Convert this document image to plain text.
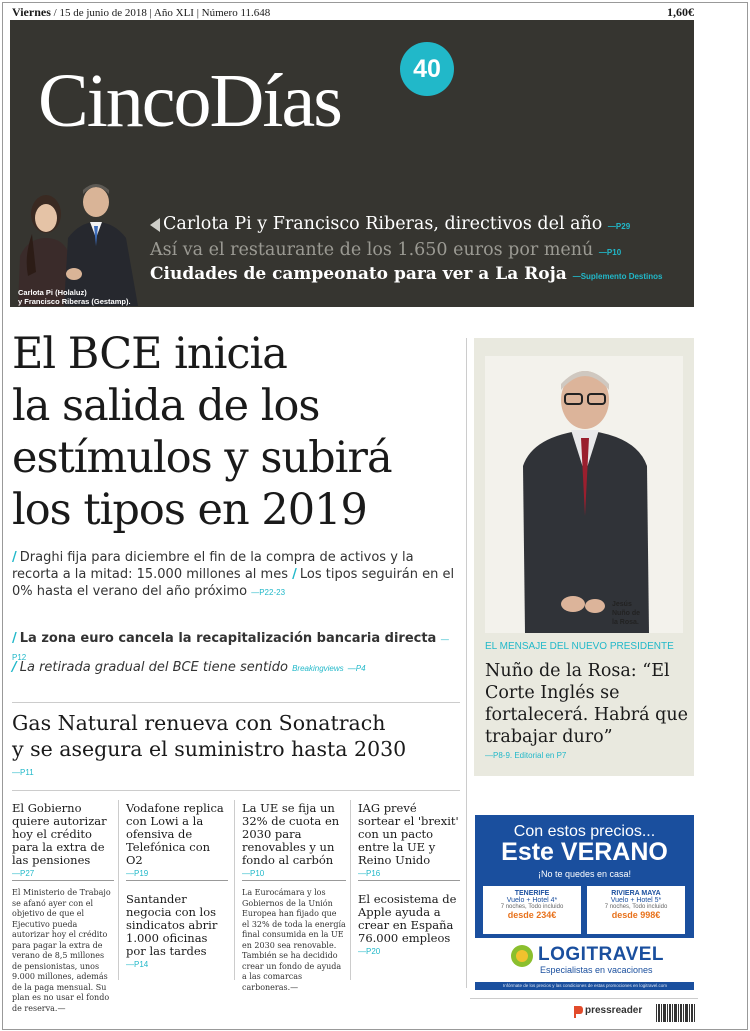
Viernes / 15 de junio de 2018 | Año XLI | Número 11.648	1,60€
CincoDías	40
Carlota Pi (Holaluz)
y Francisco Riberas (Gestamp).
Carlota Pi y Francisco Riberas, directivos del año —P29
Así va el restaurante de los 1.650 euros por menú —P10
Ciudades de campeonato para ver a La Roja —Suplemento Destinos
El BCE inicia
la salida de los
estímulos y subirá
los tipos en 2019
/ Draghi fija para diciembre el fin de la compra de activos y la recorta a la mitad: 15.000 millones al mes / Los tipos seguirán en el 0% hasta el verano del año próximo —P22-23
/ La zona euro cancela la recapitalización bancaria directa —P12
/ La retirada gradual del BCE tiene sentido Breakingviews —P4
Gas Natural renueva con Sonatrach
y se asegura el suministro hasta 2030
—P11
El Gobierno quiere autorizar hoy el crédito para la extra de las pensiones
—P27
Vodafone replica con Lowi a la ofensiva de Telefónica con O2
—P19
La UE se fija un 32% de cuota en 2030 para renovables y un fondo al carbón
—P10
IAG prevé sortear el 'brexit' con un pacto entre la UE y Reino Unido
—P16
El Ministerio de Trabajo se afanó ayer con el objetivo de que el Ejecutivo pueda autorizar hoy el crédito para pagar la extra de verano de 8,5 millones de pensionistas, unos 9.000 millones, además de la paga mensual. Su plan es no usar el fondo de reserva.—
Santander negocia con los sindicatos abrir 1.000 oficinas por las tardes
—P14
La Eurocámara y los Gobiernos de la Unión Europea han fijado que el 32% de toda la energía final consumida en la UE en 2030 sea renovable. También se ha decidido crear un fondo de ayuda a las comarcas carboneras.—
El ecosistema de Apple ayuda a crear en España 76.000 empleos
—P20
Jesús
Nuño de
la Rosa.
EL MENSAJE DEL NUEVO PRESIDENTE
Nuño de la Rosa: “El Corte Inglés se fortalecerá. Habrá que trabajar duro”
—P8-9. Editorial en P7
Con estos precios...
Este VERANO
¡No te quedes en casa!
TENERIFE
Vuelo + Hotel 4*
7 noches, Todo incluido
desde 234€
RIVIERA MAYA
Vuelo + Hotel 5*
7 noches, Todo incluido
desde 998€
LOGITRAVEL
Especialistas en vacaciones
Infórmate de los precios y las condiciones de estas promociones en logitravel.com
pressreader
